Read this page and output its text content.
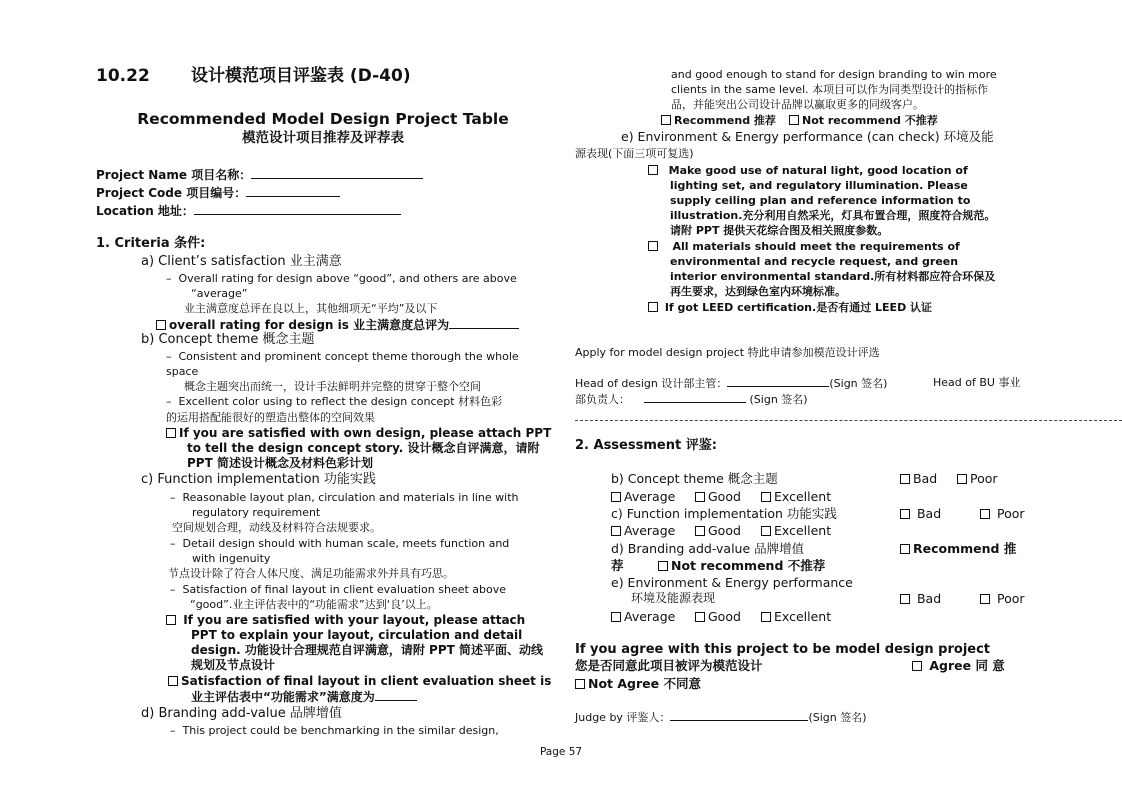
10.22 设计模范项目评鉴表 (D-40)
Recommended Model Design Project Table
模范设计项目推荐及评荐表
Project Name 项目名称：
Project Code 项目编号：
Location 地址：
1. Criteria 条件:
a) Client’s satisfaction 业主满意
–  Overall rating for design above “good”, and others are above
“average”
业主满意度总评在良以上，其他细项无“平均”及以下
overall rating for design is 业主满意度总评为
b) Concept theme 概念主题
–  Consistent and prominent concept theme thorough the whole
space
概念主题突出而统一，设计手法鲜明并完整的贯穿于整个空间
–  Excellent color using to reflect the design concept 材料色彩
的运用搭配能很好的塑造出整体的空间效果
If you are satisfied with own design, please attach PPT
to tell the design concept story. 设计概念自评满意，请附
PPT 简述设计概念及材料色彩计划
c) Function implementation 功能实践
–  Reasonable layout plan, circulation and materials in line with
regulatory requirement
空间规划合理，动线及材料符合法规要求。
–  Detail design should with human scale, meets function and
with ingenuity
节点设计除了符合人体尺度、满足功能需求外并具有巧思。
–  Satisfaction of final layout in client evaluation sheet above
“good”.业主评估表中的“功能需求”达到‘良’以上。
If you are satisfied with your layout, please attach
PPT to explain your layout, circulation and detail
design. 功能设计合理规范自评满意，请附 PPT 简述平面、动线
规划及节点设计
Satisfaction of final layout in client evaluation sheet is
业主评估表中“功能需求”满意度为
d) Branding add-value 品牌增值
–  This project could be benchmarking in the similar design,
and good enough to stand for design branding to win more
clients in the same level. 本项目可以作为同类型设计的指标作
品，并能突出公司设计品牌以赢取更多的同级客户。
Recommend 推荐	Not recommend 不推荐
e) Environment & Energy performance (can check) 环境及能
源表现(下面三项可复选)
Make good use of natural light, good location of
lighting set, and regulatory illumination. Please
supply ceiling plan and reference information to
illustration.充分利用自然采光，灯具布置合理，照度符合规范。
请附 PPT 提供天花综合图及相关照度参数。
All materials should meet the requirements of
environmental and recycle request, and green
interior environmental standard.所有材料都应符合环保及
再生要求，达到绿色室内环境标准。
If got LEED certification.是否有通过 LEED 认证
Apply for model design project 特此申请参加模范设计评选
Head of design 设计部主管：	(Sign 签名)	Head of BU 事业
部负责人：	(Sign 签名)
2. Assessment 评鉴:
b) Concept theme 概念主题	Bad	Poor
Average	Good	Excellent
c) Function implementation 功能实践	Bad	Poor
Average	Good	Excellent
d) Branding add-value 品牌增值	Recommend 推
荐	Not recommend 不推荐
e) Environment & Energy performance
环境及能源表现	Bad	Poor
Average	Good	Excellent
If you agree with this project to be model design project
您是否同意此项目被评为模范设计	Agree 同 意
Not Agree 不同意
Judge by 评鉴人：	(Sign 签名)
Page 57
